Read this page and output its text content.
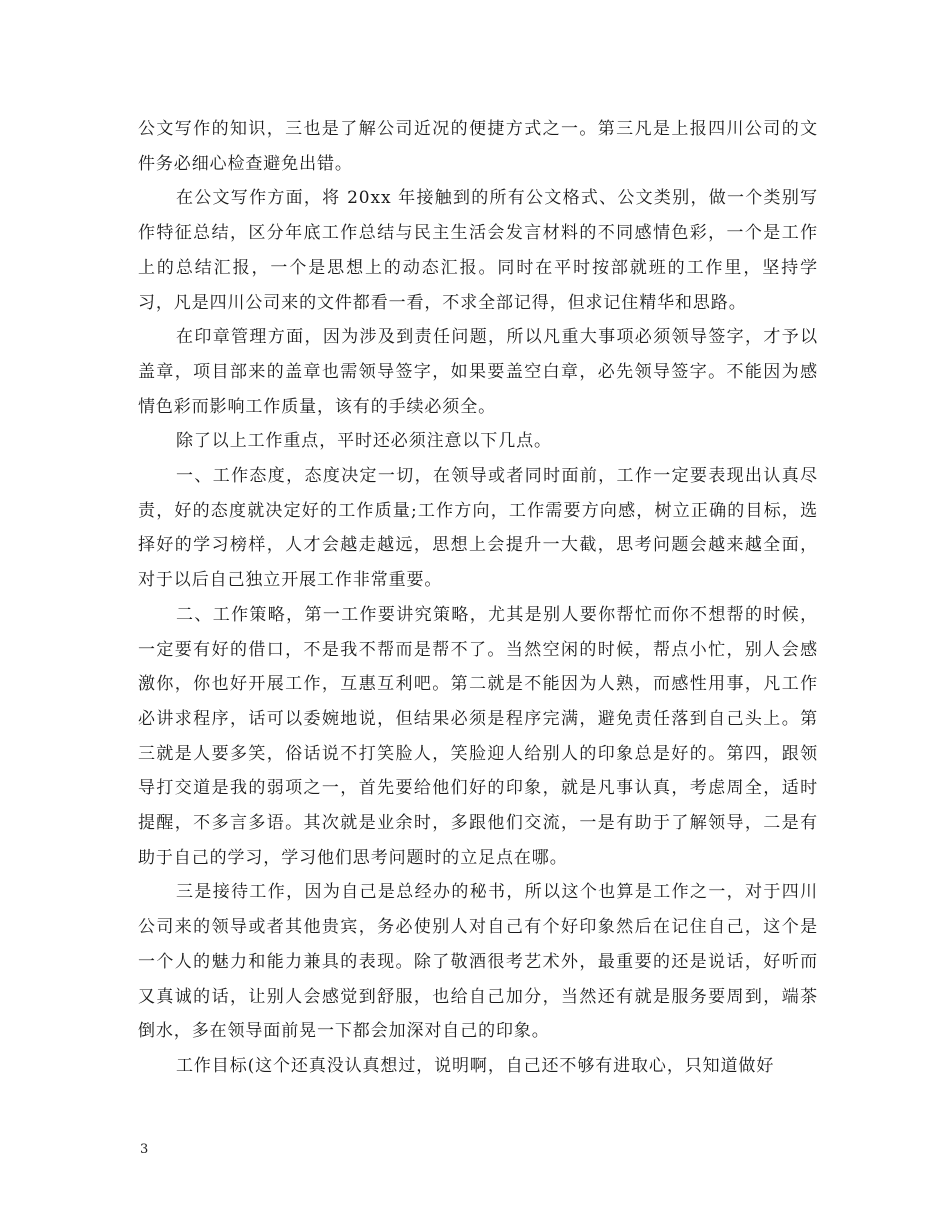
公文写作的知识，三也是了解公司近况的便捷方式之一。第三凡是上报四川公司的文件务必细心检查避免出错。

在公文写作方面，将 20xx 年接触到的所有公文格式、公文类别，做一个类别写作特征总结，区分年底工作总结与民主生活会发言材料的不同感情色彩，一个是工作上的总结汇报，一个是思想上的动态汇报。同时在平时按部就班的工作里，坚持学习，凡是四川公司来的文件都看一看，不求全部记得，但求记住精华和思路。

在印章管理方面，因为涉及到责任问题，所以凡重大事项必须领导签字，才予以盖章，项目部来的盖章也需领导签字，如果要盖空白章，必先领导签字。不能因为感情色彩而影响工作质量，该有的手续必须全。

除了以上工作重点，平时还必须注意以下几点。

一、工作态度，态度决定一切，在领导或者同时面前，工作一定要表现出认真尽责，好的态度就决定好的工作质量;工作方向，工作需要方向感，树立正确的目标，选择好的学习榜样，人才会越走越远，思想上会提升一大截，思考问题会越来越全面，对于以后自己独立开展工作非常重要。

二、工作策略，第一工作要讲究策略，尤其是别人要你帮忙而你不想帮的时候，一定要有好的借口，不是我不帮而是帮不了。当然空闲的时候，帮点小忙，别人会感激你，你也好开展工作，互惠互利吧。第二就是不能因为人熟，而感性用事，凡工作必讲求程序，话可以委婉地说，但结果必须是程序完满，避免责任落到自己头上。第三就是人要多笑，俗话说不打笑脸人，笑脸迎人给别人的印象总是好的。第四，跟领导打交道是我的弱项之一，首先要给他们好的印象，就是凡事认真，考虑周全，适时提醒，不多言多语。其次就是业余时，多跟他们交流，一是有助于了解领导，二是有助于自己的学习，学习他们思考问题时的立足点在哪。

三是接待工作，因为自己是总经办的秘书，所以这个也算是工作之一，对于四川公司来的领导或者其他贵宾，务必使别人对自己有个好印象然后在记住自己，这个是一个人的魅力和能力兼具的表现。除了敬酒很考艺术外，最重要的还是说话，好听而又真诚的话，让别人会感觉到舒服，也给自己加分，当然还有就是服务要周到，端茶倒水，多在领导面前晃一下都会加深对自己的印象。

工作目标(这个还真没认真想过，说明啊，自己还不够有进取心，只知道做好

3
